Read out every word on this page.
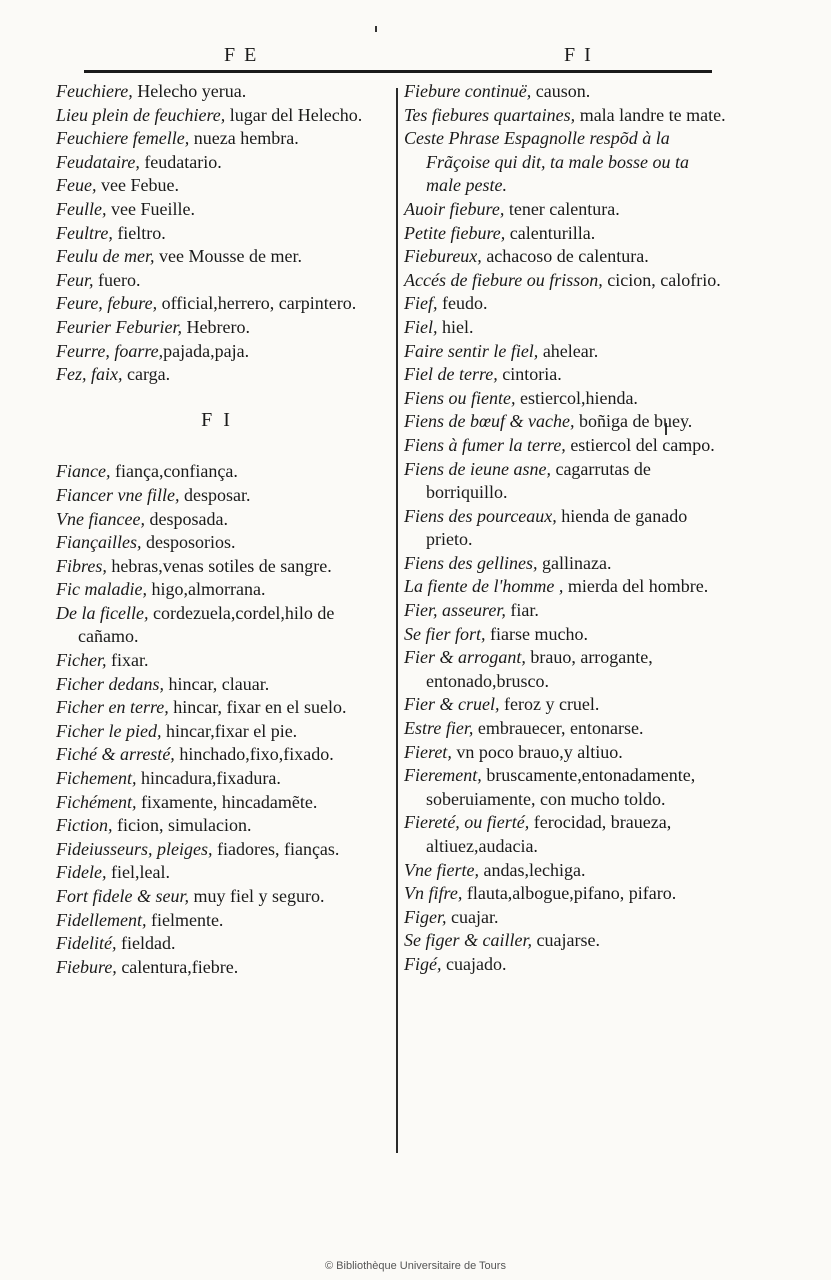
F E	F I

Feuchiere, Helecho yerua.

Lieu plein de feuchiere, lugar del Helecho.

Feuchiere femelle, nueza hembra.

Feudataire, feudatario.

Feue, vee Febue.

Feulle, vee Fueille.

Feultre, fieltro.

Feulu de mer, vee Mousse de mer.

Feur, fuero.

Feure, febure, official,herrero, carpintero.

Feurier Feburier, Hebrero.

Feurre, foarre,pajada,paja.

Fez, faix, carga.

F I

Fiance, fiança,confiança.

Fiancer vne fille, desposar.

Vne fiancee, desposada.

Fiançailles, desposorios.

Fibres, hebras,venas sotiles de sangre.

Fic maladie, higo,almorrana.

De la ficelle, cordezuela,cordel,hilo de cañamo.

Ficher, fixar.

Ficher dedans, hincar, clauar.

Ficher en terre, hincar, fixar en el suelo.

Ficher le pied, hincar,fixar el pie.

Fiché & arresté, hinchado,fixo,fixado.

Fichement, hincadura,fixadura.

Fichément, fixamente, hincadamẽte.

Fiction, ficion, simulacion.

Fideiusseurs, pleiges, fiadores, fianças.

Fidele, fiel,leal.

Fort fidele & seur, muy fiel y seguro.

Fidellement, fielmente.

Fidelité, fieldad.

Fiebure, calentura,fiebre.

Fiebure continuë, causon.

Tes fiebures quartaines, mala landre te mate.

Ceste Phrase Espagnolle respõd à la Frãçoise qui dit, ta male bosse ou ta male peste.

Auoir fiebure, tener calentura.

Petite fiebure, calenturilla.

Fiebureux, achacoso de calentura.

Accés de fiebure ou frisson, cicion, calofrio.

Fief, feudo.

Fiel, hiel.

Faire sentir le fiel, ahelear.

Fiel de terre, cintoria.

Fiens ou fiente, estiercol,hienda.

Fiens de bœuf & vache, boñiga de buey.

Fiens à fumer la terre, estiercol del campo.

Fiens de ieune asne, cagarrutas de borriquillo.

Fiens des pourceaux, hienda de ganado prieto.

Fiens des gellines, gallinaza.

La fiente de l'homme , mierda del hombre.

Fier, asseurer, fiar.

Se fier fort, fiarse mucho.

Fier & arrogant, brauo, arrogante, entonado,brusco.

Fier & cruel, feroz y cruel.

Estre fier, embrauecer, entonarse.

Fieret, vn poco brauo,y altiuo.

Fierement, bruscamente,entonadamente, soberuiamente, con mucho toldo.

Fiereté, ou fierté, ferocidad, braueza, altiuez,audacia.

Vne fierte, andas,lechiga.

Vn fifre, flauta,albogue,pifano, pifaro.

Figer, cuajar.

Se figer & cailler, cuajarse.

Figé, cuajado.

© Bibliothèque Universitaire de Tours
